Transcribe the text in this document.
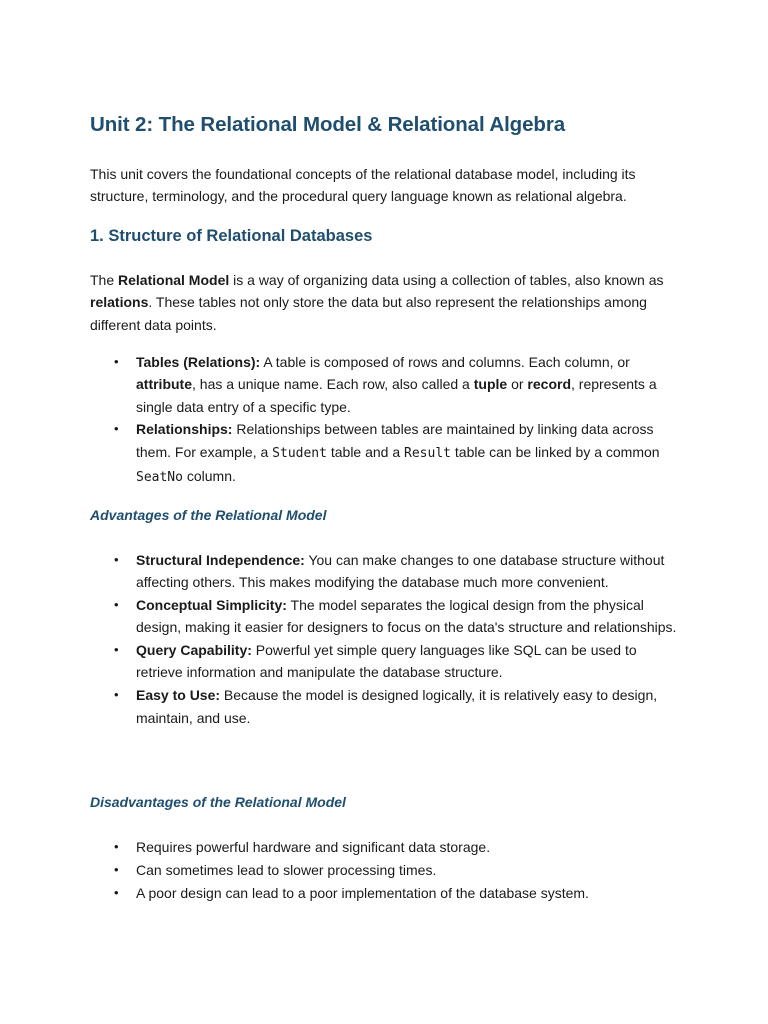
Unit 2: The Relational Model & Relational Algebra

This unit covers the foundational concepts of the relational database model, including its structure, terminology, and the procedural query language known as relational algebra.

1. Structure of Relational Databases

The Relational Model is a way of organizing data using a collection of tables, also known as relations. These tables not only store the data but also represent the relationships among different data points.

• Tables (Relations): A table is composed of rows and columns. Each column, or attribute, has a unique name. Each row, also called a tuple or record, represents a single data entry of a specific type.
• Relationships: Relationships between tables are maintained by linking data across them. For example, a Student table and a Result table can be linked by a common SeatNo column.
Advantages of the Relational Model
• Structural Independence: You can make changes to one database structure without affecting others. This makes modifying the database much more convenient.
• Conceptual Simplicity: The model separates the logical design from the physical design, making it easier for designers to focus on the data's structure and relationships.
• Query Capability: Powerful yet simple query languages like SQL can be used to retrieve information and manipulate the database structure.
• Easy to Use: Because the model is designed logically, it is relatively easy to design, maintain, and use.
Disadvantages of the Relational Model
• Requires powerful hardware and significant data storage.
• Can sometimes lead to slower processing times.
• A poor design can lead to a poor implementation of the database system.
